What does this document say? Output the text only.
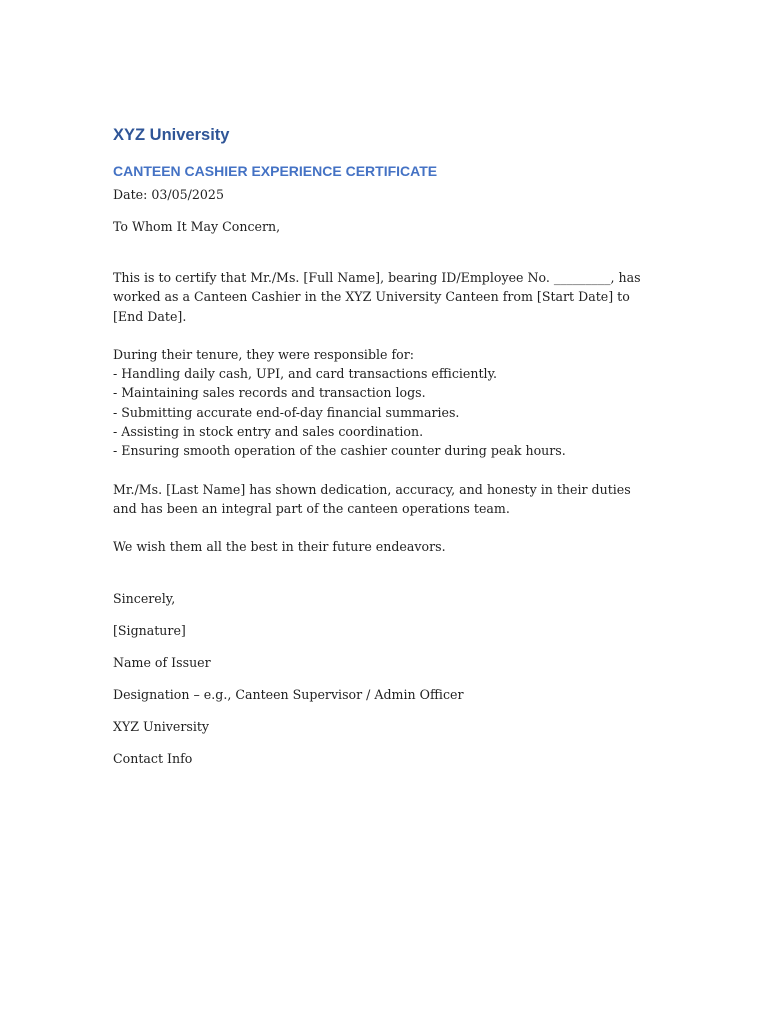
XYZ University
CANTEEN CASHIER EXPERIENCE CERTIFICATE

Date: 03/05/2025

To Whom It May Concern,

This is to certify that Mr./Ms. [Full Name], bearing ID/Employee No. _________, has worked as a Canteen Cashier in the XYZ University Canteen from [Start Date] to [End Date].

During their tenure, they were responsible for:

- Handling daily cash, UPI, and card transactions efficiently.

- Maintaining sales records and transaction logs.

- Submitting accurate end-of-day financial summaries.

- Assisting in stock entry and sales coordination.

- Ensuring smooth operation of the cashier counter during peak hours.

Mr./Ms. [Last Name] has shown dedication, accuracy, and honesty in their duties and has been an integral part of the canteen operations team.

We wish them all the best in their future endeavors.

Sincerely,

[Signature]

Name of Issuer

Designation – e.g., Canteen Supervisor / Admin Officer

XYZ University

Contact Info
